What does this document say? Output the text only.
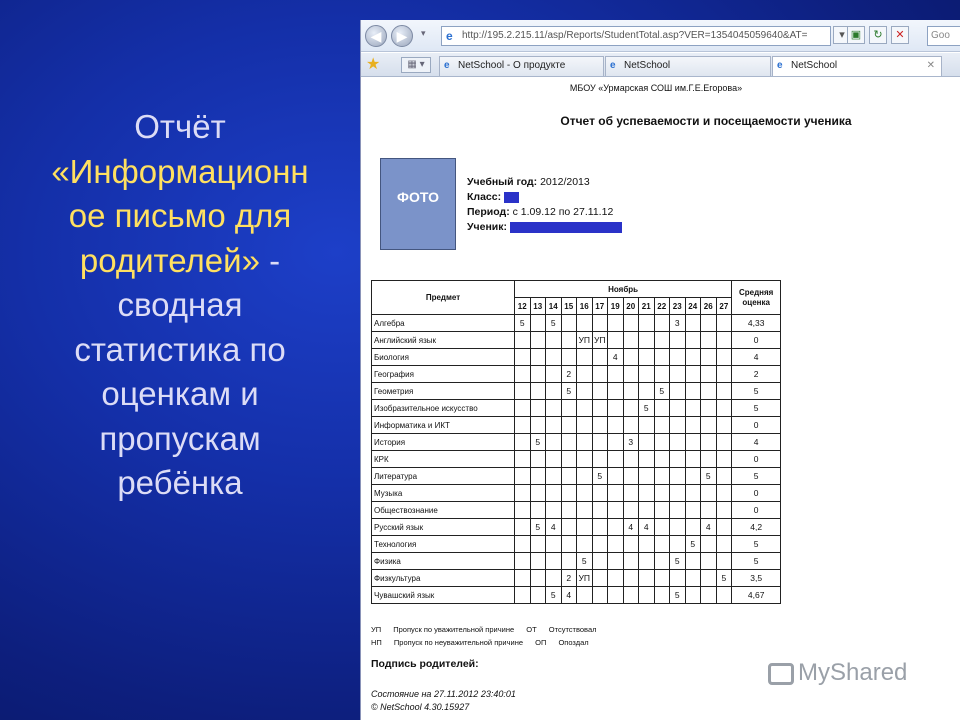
Отчёт
«Информационн
ое письмо для
родителей» -
сводная
статистика по
оценкам и
пропускам
ребёнка
◀	▶	▾ e http://195.2.215.11/asp/Reports/StudentTotal.asp?VER=1354045059640&AT=	▾ ▣	↻	✕	Goo
★	▦ ▾	e NetSchool - О продукте	e NetSchool	e NetSchool	✕
МБОУ «Урмарская СОШ им.Г.Е.Егорова»
Отчет об успеваемости и посещаемости ученика
ФОТО
Учебный год: 2012/2013
Класс:
Период: с 1.09.12 по 27.11.12
Ученик:
Предмет	Ноябрь														Средняя оценка
	12	13	14	15	16	17	19	20	21	22	23	24	26	27	
Алгебра	5		5								3				4,33
Английский язык					УП	УП									0
Биология							4								4
География				2											2
Геометрия				5						5					5
Изобразительное искусство									5						5
Информатика и ИКТ															0
История		5						3							4
КРК															0
Литература						5							5		5
Музыка															0
Обществознание															0
Русский язык		5	4					4	4				4		4,2
Технология												5			5
Физика					5						5				5
Физкультура				2	УП									5	3,5
Чувашский язык			5	4							5				4,67
УП Пропуск по уважительной причине ОТ Отсутствовал
НП Пропуск по неуважительной причине ОП Опоздал
Подпись родителей:
Состояние на 27.11.2012 23:40:01
© NetSchool 4.30.15927
MyShared
